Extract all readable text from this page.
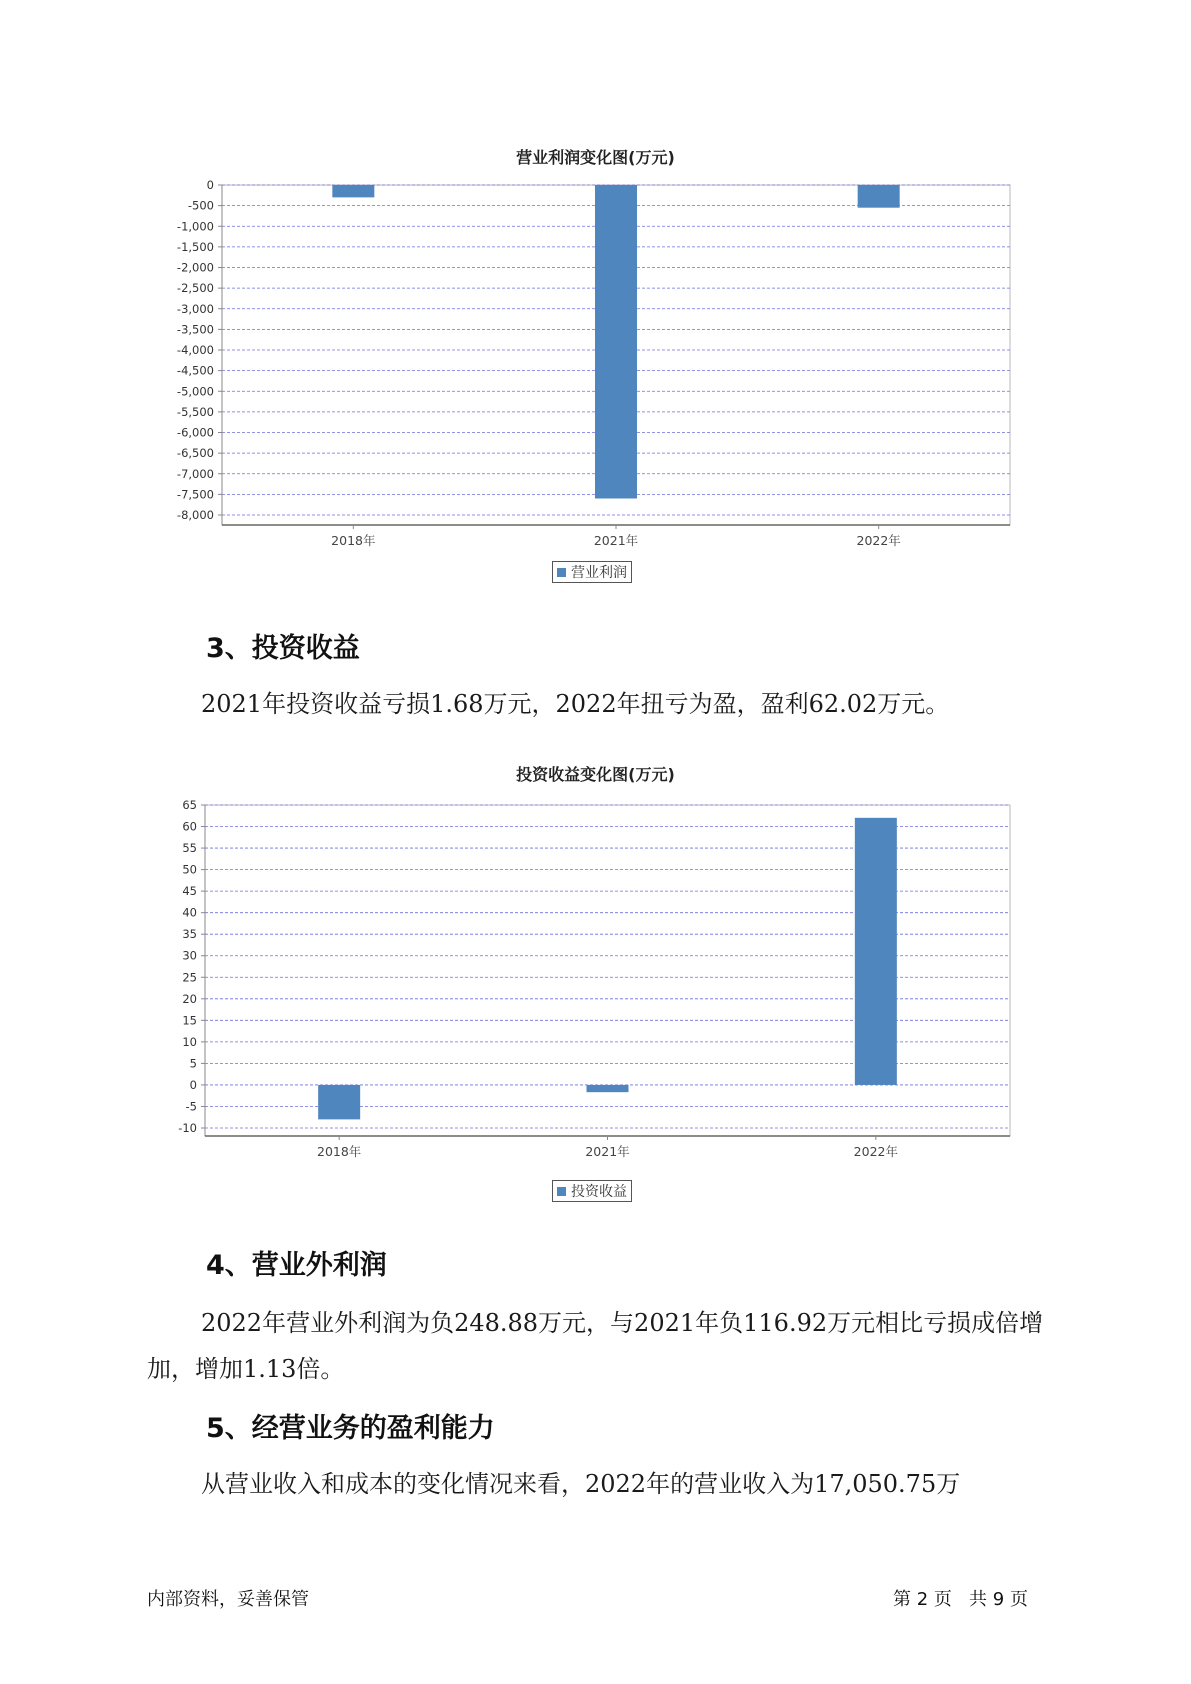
营业利润变化图(万元)
0
-500
-1,000
-1,500
-2,000
-2,500
-3,000
-3,500
-4,000
-4,500
-5,000
-5,500
-6,000
-6,500
-7,000
-7,500
-8,000
2018年	2021年	2022年
营业利润
3、投资收益
2021年投资收益亏损1.68万元，2022年扭亏为盈，盈利62.02万元。
投资收益变化图(万元)
65
60
55
50
45
40
35
30
25
20
15
10
5
0
-5
-10
2018年	2021年	2022年
投资收益
4、营业外利润
2022年营业外利润为负248.88万元，与2021年负116.92万元相比亏损成倍增加，增加1.13倍。
5、经营业务的盈利能力
从营业收入和成本的变化情况来看，2022年的营业收入为17,050.75万
内部资料，妥善保管	第 2 页   共 9 页
